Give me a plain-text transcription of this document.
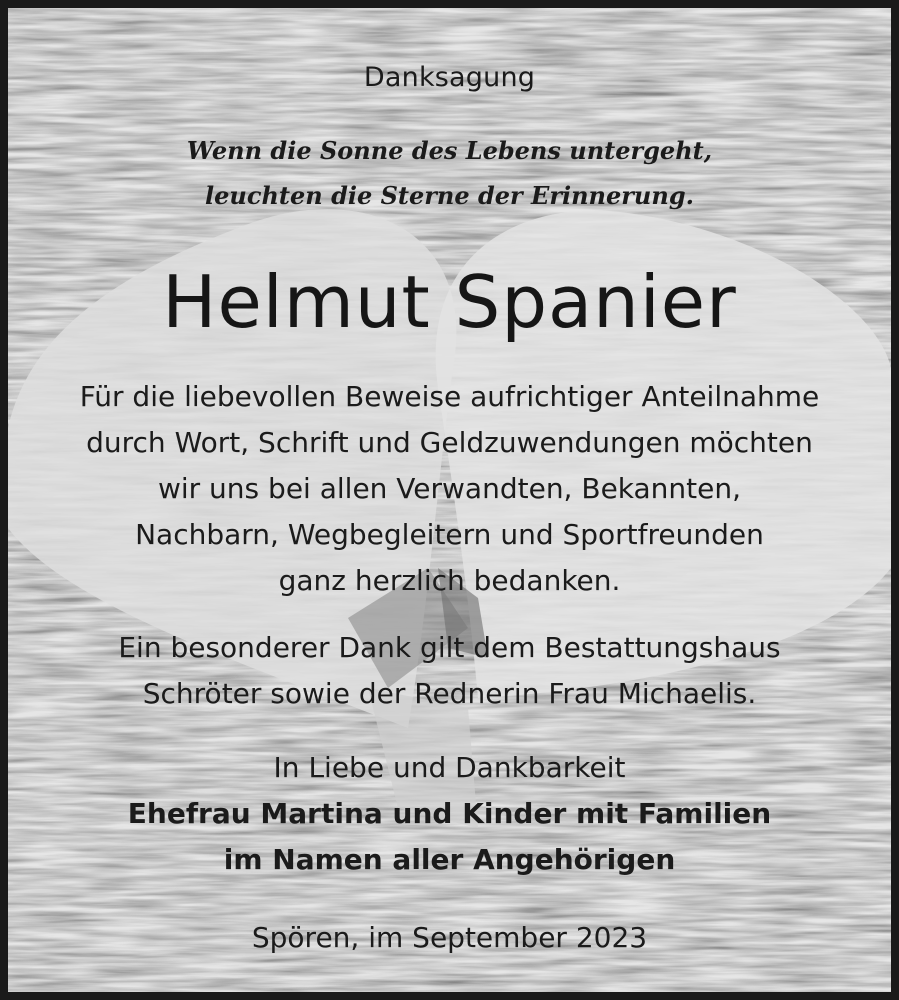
Danksagung
Wenn die Sonne des Lebens untergeht,
leuchten die Sterne der Erinnerung.
Helmut Spanier
Für die liebevollen Beweise aufrichtiger Anteilnahme
durch Wort, Schrift und Geldzuwendungen möchten
wir uns bei allen Verwandten, Bekannten,
Nachbarn, Wegbegleitern und Sportfreunden
ganz herzlich bedanken.
Ein besonderer Dank gilt dem Bestattungshaus
Schröter sowie der Rednerin Frau Michaelis.
In Liebe und Dankbarkeit
Ehefrau Martina und Kinder mit Familien
im Namen aller Angehörigen
Spören, im September 2023
